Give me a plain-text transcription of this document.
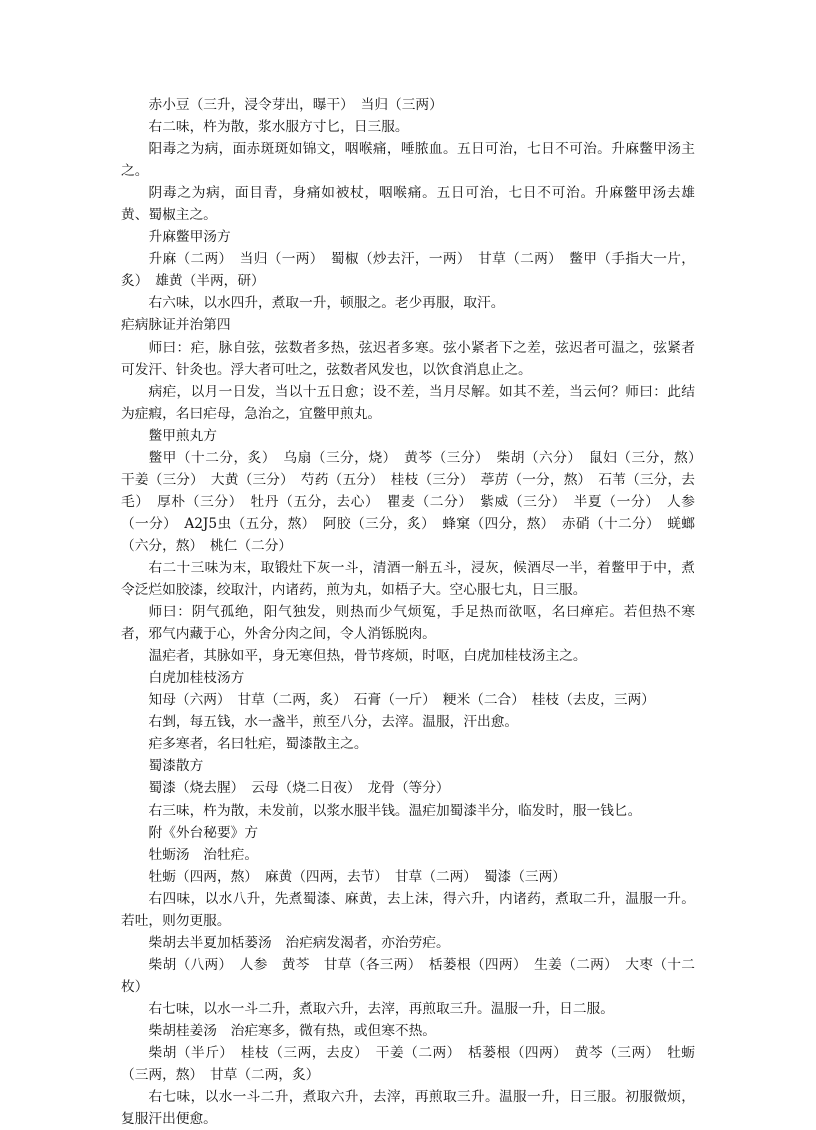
赤小豆（三升，浸令芽出，曝干）　当归（三两）

右二味，杵为散，浆水服方寸匕，日三服。

阳毒之为病，面赤斑斑如锦文，咽喉痛，唾脓血。五日可治，七日不可治。升麻鳖甲汤主之。

阴毒之为病，面目青，身痛如被杖，咽喉痛。五日可治，七日不可治。升麻鳖甲汤去雄黄、蜀椒主之。

升麻鳖甲汤方

升麻（二两）　当归（一两）　蜀椒（炒去汗，一两）　甘草（二两）　鳖甲（手指大一片，炙）　雄黄（半两，研）

右六味，以水四升，煮取一升，顿服之。老少再服，取汗。

疟病脉证并治第四

师曰：疟，脉自弦，弦数者多热，弦迟者多寒。弦小紧者下之差，弦迟者可温之，弦紧者可发汗、针灸也。浮大者可吐之，弦数者风发也，以饮食消息止之。

病疟，以月一日发，当以十五日愈；设不差，当月尽解。如其不差，当云何？师曰：此结为症瘕，名曰疟母，急治之，宜鳖甲煎丸。

鳖甲煎丸方

鳖甲（十二分，炙）　乌扇（三分，烧）　黄芩（三分）　柴胡（六分）　鼠妇（三分，熬）　干姜（三分）　大黄（三分）　芍药（五分）　桂枝（三分）　葶苈（一分，熬）　石苇（三分，去毛）　厚朴（三分）　牡丹（五分，去心）　瞿麦（二分）　紫威（三分）　半夏（一分）　人参（一分）　A2J5虫（五分，熬）　阿胶（三分，炙）　蜂窠（四分，熬）　赤硝（十二分）　蜣螂（六分，熬）　桃仁（二分）

右二十三味为末，取锻灶下灰一斗，清酒一斛五斗，浸灰，候酒尽一半，着鳖甲于中，煮令泛烂如胶漆，绞取汁，内诸药，煎为丸，如梧子大。空心服七丸，日三服。

师曰：阴气孤绝，阳气独发，则热而少气烦冤，手足热而欲呕，名曰瘅疟。若但热不寒者，邪气内藏于心，外舍分肉之间，令人消铄脱肉。

温疟者，其脉如平，身无寒但热，骨节疼烦，时呕，白虎加桂枝汤主之。

白虎加桂枝汤方

知母（六两）　甘草（二两，炙）　石膏（一斤）　粳米（二合）　桂枝（去皮，三两）

右剉，每五钱，水一盏半，煎至八分，去滓。温服，汗出愈。

疟多寒者，名曰牡疟，蜀漆散主之。

蜀漆散方

蜀漆（烧去腥）　云母（烧二日夜）　龙骨（等分）

右三味，杵为散，未发前，以浆水服半钱。温疟加蜀漆半分，临发时，服一钱匕。

附《外台秘要》方

牡蛎汤　治牡疟。

牡蛎（四两，熬）　麻黄（四两，去节）　甘草（二两）　蜀漆（三两）

右四味，以水八升，先煮蜀漆、麻黄，去上沫，得六升，内诸药，煮取二升，温服一升。若吐，则勿更服。

柴胡去半夏加栝蒌汤　治疟病发渴者，亦治劳疟。

柴胡（八两）　人参　黄芩　甘草（各三两）　栝蒌根（四两）　生姜（二两）　大枣（十二枚）

右七味，以水一斗二升，煮取六升，去滓，再煎取三升。温服一升，日二服。

柴胡桂姜汤　治疟寒多，微有热，或但寒不热。

柴胡（半斤）　桂枝（三两，去皮）　干姜（二两）　栝蒌根（四两）　黄芩（三两）　牡蛎（三两，熬）　甘草（二两，炙）

右七味，以水一斗二升，煮取六升，去滓，再煎取三升。温服一升，日三服。初服微烦，复服汗出便愈。
